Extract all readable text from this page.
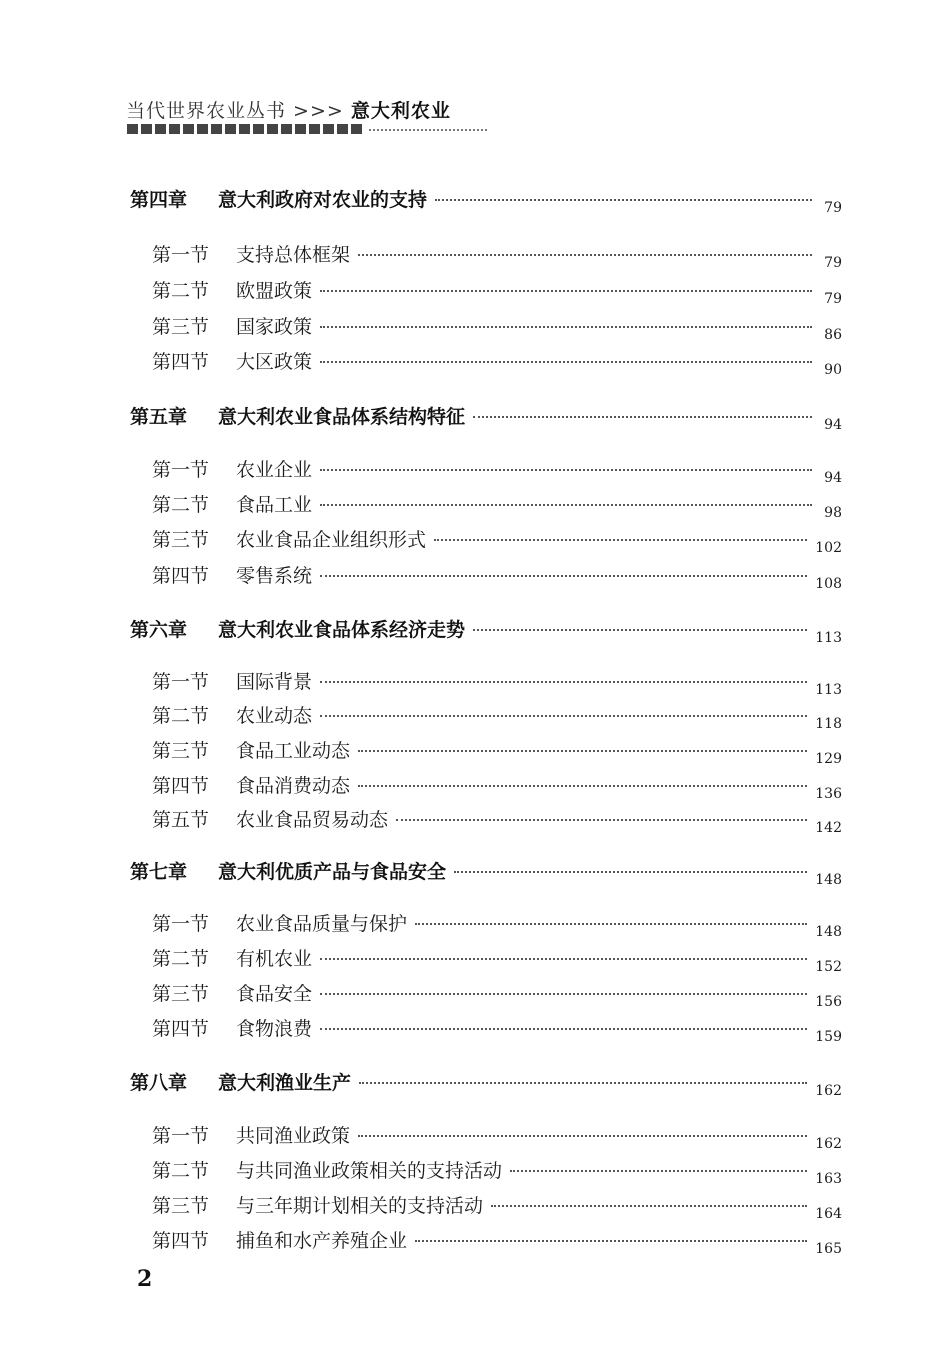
当代世界农业丛书 >>> 意大利农业
第四章	意大利政府对农业的支持	79
第一节	支持总体框架	79
第二节	欧盟政策	79
第三节	国家政策	86
第四节	大区政策	90
第五章	意大利农业食品体系结构特征	94
第一节	农业企业	94
第二节	食品工业	98
第三节	农业食品企业组织形式	102
第四节	零售系统	108
第六章	意大利农业食品体系经济走势	113
第一节	国际背景	113
第二节	农业动态	118
第三节	食品工业动态	129
第四节	食品消费动态	136
第五节	农业食品贸易动态	142
第七章	意大利优质产品与食品安全	148
第一节	农业食品质量与保护	148
第二节	有机农业	152
第三节	食品安全	156
第四节	食物浪费	159
第八章	意大利渔业生产	162
第一节	共同渔业政策	162
第二节	与共同渔业政策相关的支持活动	163
第三节	与三年期计划相关的支持活动	164
第四节	捕鱼和水产养殖企业	165
2
